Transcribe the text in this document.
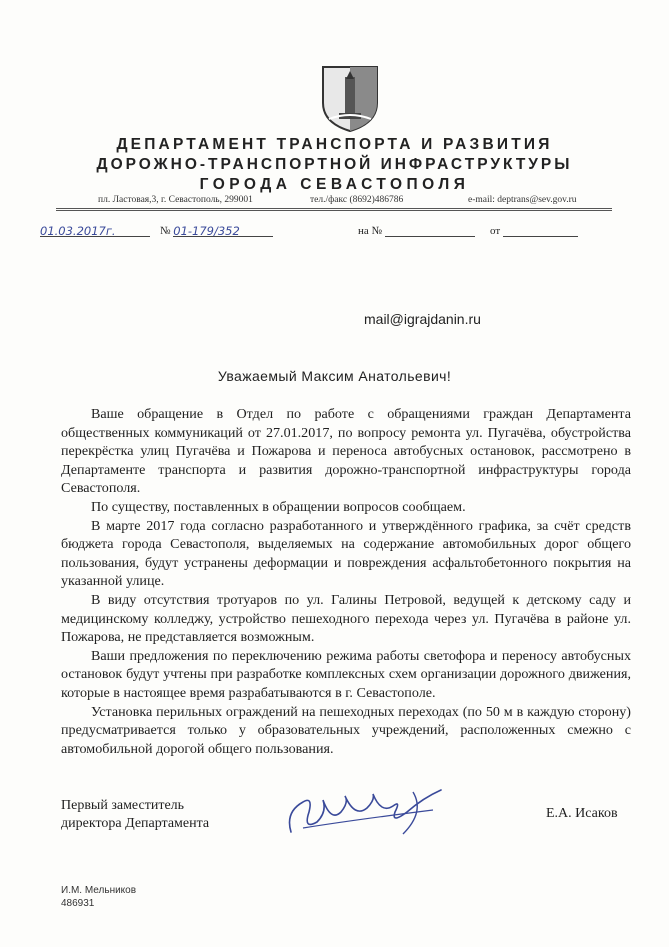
ДЕПАРТАМЕНТ ТРАНСПОРТА И РАЗВИТИЯ
ДОРОЖНО-ТРАНСПОРТНОЙ ИНФРАСТРУКТУРЫ
ГОРОДА СЕВАСТОПОЛЯ
пл. Ластовая,3, г. Севастополь, 299001	тел./факс (8692)486786	e-mail: deptrans@sev.gov.ru
01.03.2017г.	№ 01-179/352	на №	от
mail@igrajdanin.ru
Уважаемый Максим Анатольевич!

Ваше обращение в Отдел по работе с обращениями граждан Департамента общественных коммуникаций от 27.01.2017, по вопросу ремонта ул. Пугачёва, обустройства перекрёстка улиц Пугачёва и Пожарова и переноса автобусных остановок, рассмотрено в Департаменте транспорта и развития дорожно-транспортной инфраструктуры города Севастополя.

По существу, поставленных в обращении вопросов сообщаем.

В марте 2017 года согласно разработанного и утверждённого графика, за счёт средств бюджета города Севастополя, выделяемых на содержание автомобильных дорог общего пользования, будут устранены деформации и повреждения асфальтобетонного покрытия на указанной улице.

В виду отсутствия тротуаров по ул. Галины Петровой, ведущей к детскому саду и медицинскому колледжу, устройство пешеходного перехода через ул. Пугачёва в районе ул. Пожарова, не представляется возможным.

Ваши предложения по переключению режима работы светофора и переносу автобусных остановок будут учтены при разработке комплексных схем организации дорожного движения, которые в настоящее время разрабатываются в г. Севастополе.

Установка перильных ограждений на пешеходных переходах (по 50 м в каждую сторону) предусматривается только у образовательных учреждений, расположенных смежно с автомобильной дорогой общего пользования.

Первый заместитель
директора Департамента
Е.А. Исаков
И.М. Мельников
486931
